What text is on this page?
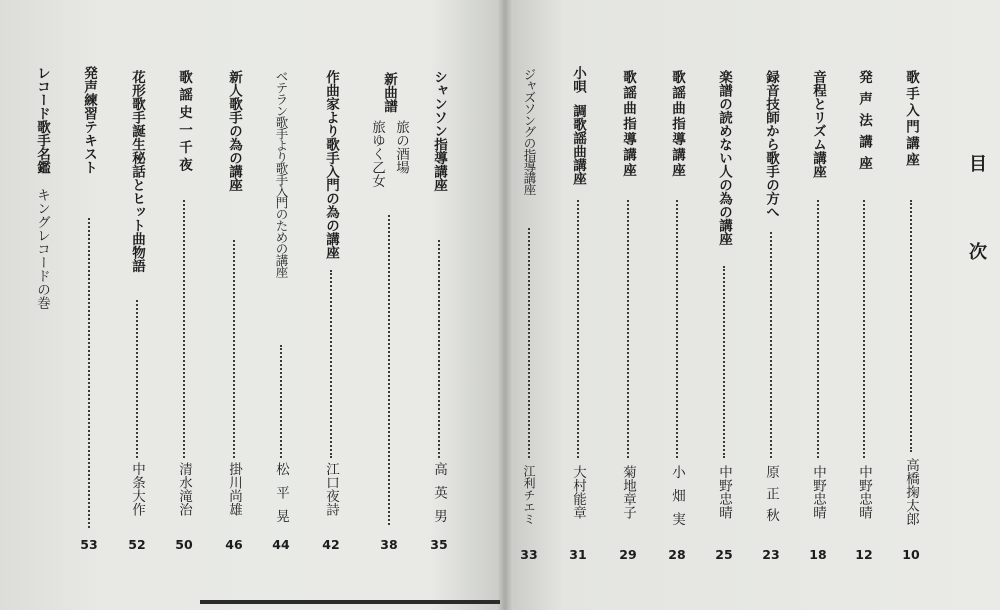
目
次
歌手入門講座
高橋掬太郎
10
発声法講座
中野忠晴
12
音程とリズム講座
中野忠晴
18
録音技師から歌手の方へ
原正秋
23
楽譜の読めない人の為の講座
中野忠晴
25
歌謡曲指導講座
小畑実
28
歌謡曲指導講座
菊地章子
29
小唄
調歌謡曲講座
大村能章
31
ジャズソングの指導講座
江利チエミ
33
シャンソン指導講座
高英男
35
新曲譜
旅の酒場
旅ゆく乙女
38
作曲家より歌手入門の為の講座
江口夜詩
42
ベテラン歌手より歌手入門のための講座
松平晃
44
新人歌手の為の講座
掛川尚雄
46
歌謡史一千夜
清水滝治
50
花形歌手誕生秘話とヒット曲物語
中条大作
52
発声練習テキスト
53
レコード歌手名鑑
キングレコードの巻
